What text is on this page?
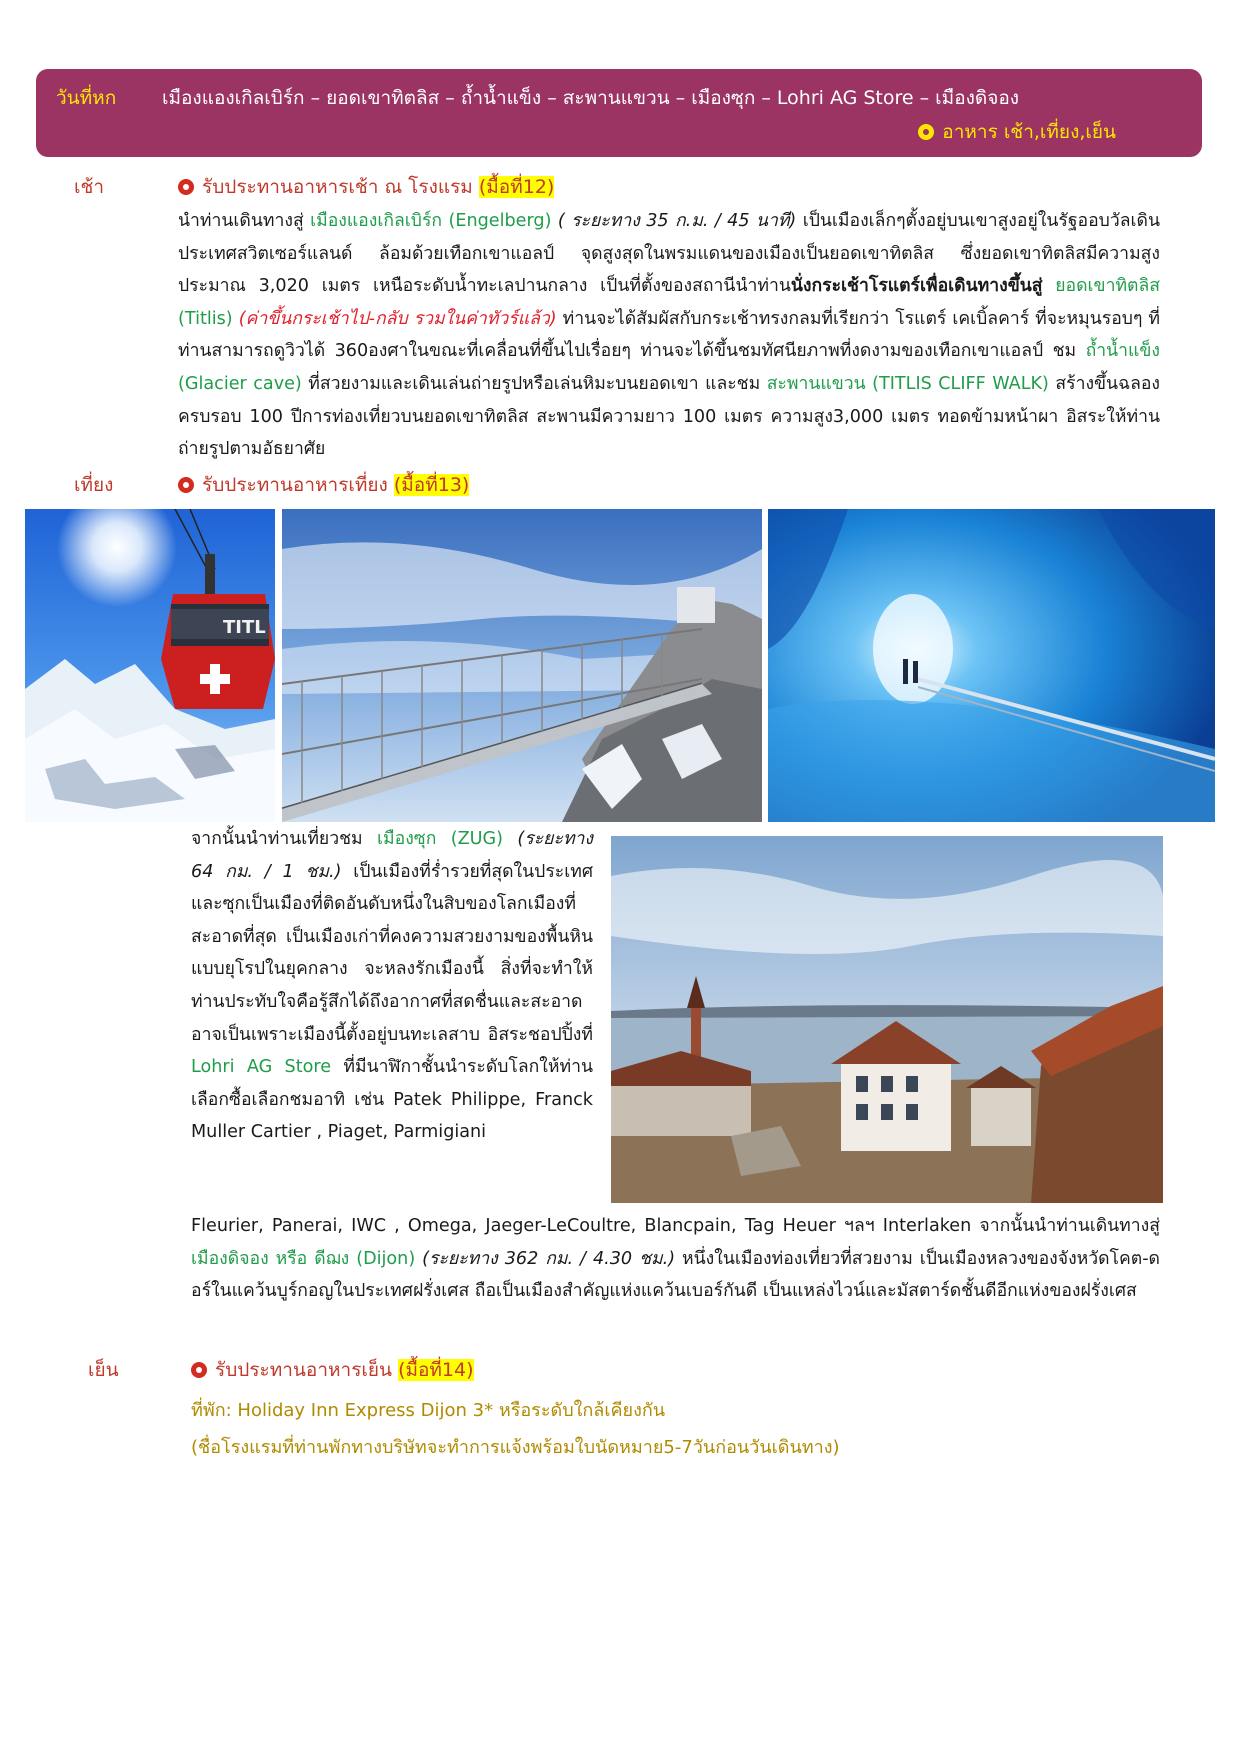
วันที่หก เมืองแองเกิลเบิร์ก – ยอดเขาทิตลิส – ถ้ำน้ำแข็ง – สะพานแขวน – เมืองซุก – Lohri AG Store – เมืองดิจอง
อาหาร เช้า,เที่ยง,เย็น
เช้า	รับประทานอาหารเช้า ณ โรงแรม (มื้อที่12)
นำท่านเดินทางสู่ เมืองแองเกิลเบิร์ก (Engelberg) ( ระยะทาง 35 ก.ม. / 45 นาที) เป็นเมืองเล็กๆตั้งอยู่บนเขาสูงอยู่ในรัฐออบวัลเดิน ประเทศสวิตเซอร์แลนด์ ล้อมด้วยเทือกเขาแอลป์ จุดสูงสุดในพรมแดนของเมืองเป็นยอดเขาทิตลิส ซึ่งยอดเขาทิตลิสมีความสูงประมาณ 3,020 เมตร เหนือระดับน้ำทะเลปานกลาง เป็นที่ตั้งของสถานีนำท่านนั่งกระเช้าโรแตร์เพื่อเดินทางขึ้นสู่ ยอดเขาทิตลิส (Titlis) (ค่าขึ้นกระเช้าไป-กลับ รวมในค่าทัวร์แล้ว) ท่านจะได้สัมผัสกับกระเช้าทรงกลมที่เรียกว่า โรแตร์ เคเบิ้ลคาร์ ที่จะหมุนรอบๆ ที่ท่านสามารถดูวิวได้ 360องศาในขณะที่เคลื่อนที่ขึ้นไปเรื่อยๆ ท่านจะได้ขึ้นชมทัศนียภาพที่งดงามของเทือกเขาแอลป์ ชม ถ้ำน้ำแข็ง (Glacier cave) ที่สวยงามและเดินเล่นถ่ายรูปหรือเล่นหิมะบนยอดเขา และชม สะพานแขวน (TITLIS CLIFF WALK) สร้างขึ้นฉลองครบรอบ 100 ปีการท่องเที่ยวบนยอดเขาทิตลิส สะพานมีความยาว 100 เมตร ความสูง3,000 เมตร ทอดข้ามหน้าผา อิสระให้ท่านถ่ายรูปตามอัธยาศัย
เที่ยง	รับประทานอาหารเที่ยง (มื้อที่13)
TITL
จากนั้นนำท่านเที่ยวชม เมืองซุก (ZUG) (ระยะทาง 64 กม. / 1 ชม.) เป็นเมืองที่ร่ำรวยที่สุดในประเทศ และซุกเป็นเมืองที่ติดอันดับหนึ่งในสิบของโลกเมืองที่สะอาดที่สุด เป็นเมืองเก่าที่คงความสวยงามของพื้นหินแบบยุโรปในยุคกลาง จะหลงรักเมืองนี้ สิ่งที่จะทำให้ท่านประทับใจคือรู้สึกได้ถึงอากาศที่สดชื่นและสะอาดอาจเป็นเพราะเมืองนี้ตั้งอยู่บนทะเลสาบ อิสระชอปปิ้งที่ Lohri AG Store ที่มีนาฬิกาชั้นนำระดับโลกให้ท่านเลือกซื้อเลือกชมอาทิ เช่น Patek Philippe, Franck Muller Cartier , Piaget, Parmigiani
Fleurier, Panerai, IWC , Omega, Jaeger-LeCoultre, Blancpain, Tag Heuer ฯลฯ Interlaken จากนั้นนำท่านเดินทางสู่ เมืองดิจอง หรือ ดีฌง (Dijon) (ระยะทาง 362 กม. / 4.30 ชม.) หนึ่งในเมืองท่องเที่ยวที่สวยงาม เป็นเมืองหลวงของจังหวัดโคต-ดอร์ในแคว้นบูร์กอญในประเทศฝรั่งเศส ถือเป็นเมืองสำคัญแห่งแคว้นเบอร์กันดี เป็นแหล่งไวน์และมัสตาร์ดชั้นดีอีกแห่งของฝรั่งเศส
เย็น	รับประทานอาหารเย็น (มื้อที่14)
ที่พัก: Holiday Inn Express Dijon 3* หรือระดับใกล้เคียงกัน
(ชื่อโรงแรมที่ท่านพักทางบริษัทจะทำการแจ้งพร้อมใบนัดหมาย5-7วันก่อนวันเดินทาง)
